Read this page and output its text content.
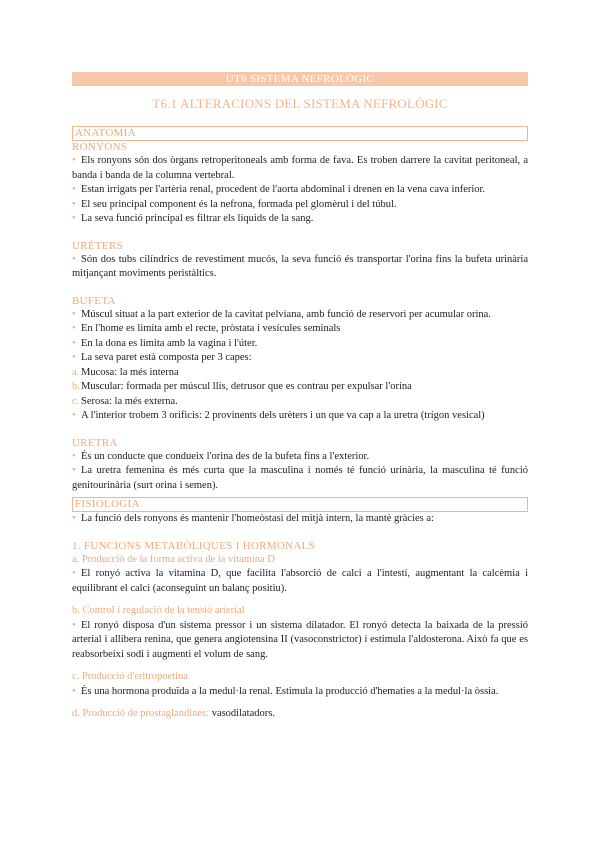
UT6 SISTEMA NEFROLÒGIC
T6.1 ALTERACIONS DEL SISTEMA NEFROLÒGIC
ANATOMIA
RONYONS
• Els ronyons són dos òrgans retroperitoneals amb forma de fava. Es troben darrere la cavitat peritoneal, a banda i banda de la columna vertebral.
• Estan irrigats per l'artèria renal, procedent de l'aorta abdominal i drenen en la vena cava inferior.
• El seu principal component és la nefrona, formada pel glomèrul i del túbul.
• La seva funció principal es filtrar els líquids de la sang.
URÈTERS
• Són dos tubs cilíndrics de revestiment mucós, la seva funció és transportar l'orina fins la bufeta urinària mitjançant moviments peristàltics.
BUFETA
• Múscul situat a la part exterior de la cavitat pelviana, amb funció de reservori per acumular orina.
• En l'home es limita amb el recte, pròstata i vesícules seminals
• En la dona es limita amb la vagina i l'úter.
• La seva paret està composta per 3 capes:
a. Mucosa: la més interna
b.Muscular: formada per múscul llis, detrusor que es contrau per expulsar l'orina
c. Serosa: la més externa.
• A l'interior trobem 3 orificis: 2 provinents dels urèters i un que va cap a la uretra (trígon vesical)
URETRA
• És un conducte que condueix l'orina des de la bufeta fins a l'exterior.
• La uretra femenina és més curta que la masculina i només té funció urinària, la masculina té funció genitourinària (surt orina i semen).
FISIOLOGIA
• La funció dels ronyons és mantenir l'homeòstasi del mitjà intern, la mantè gràcies a:
1. FUNCIONS METABÒLIQUES I HORMONALS
a. Producció de la forma activa de la vitamina D
• El ronyó activa la vitamina D, que facilita l'absorció de calci a l'intestí, augmentant la calcèmia i equilibrant el calci (aconseguint un balanç positiu).
b. Control i regulació de la tensió arterial
• El ronyó disposa d'un sistema pressor i un sistema dilatador. El ronyó detecta la baixada de la pressió arterial i allibera renina, que genera angiotensina II (vasoconstrictor) i estimula l'aldosterona. Això fa que es reabsorbeixi sodi i augmenti el volum de sang.
c. Producció d'eritropoetina
• És una hormona produïda a la medul·la renal. Estimula la producció d'hematies a la medul·la òssia.
d. Producció de prostaglandines: vasodilatadors.
